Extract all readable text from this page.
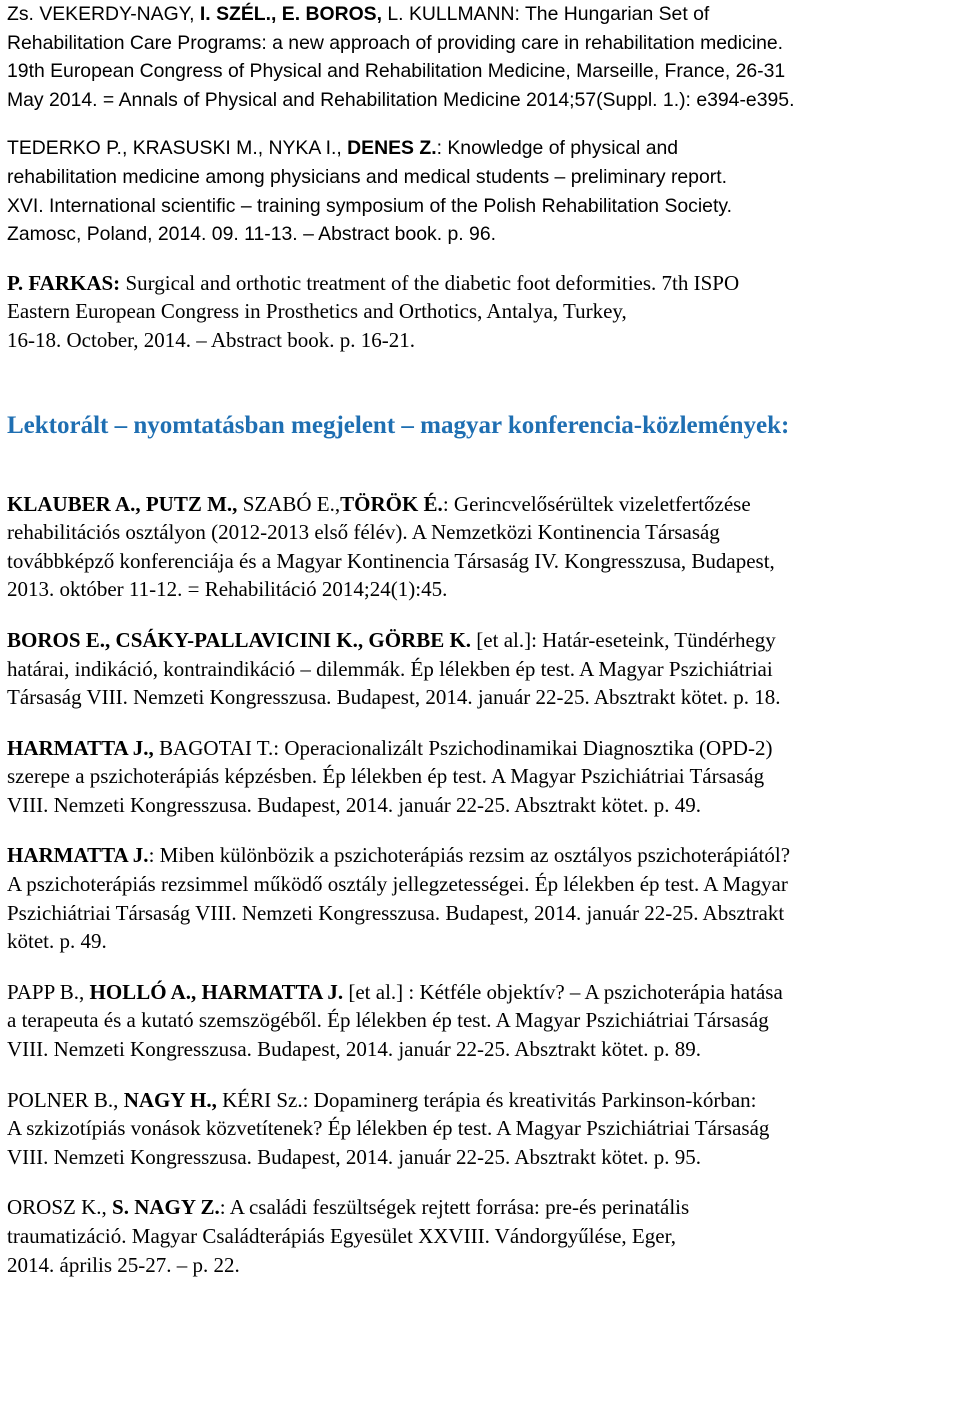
Zs. VEKERDY-NAGY, I. SZÉL., E. BOROS, L. KULLMANN: The Hungarian Set of

Rehabilitation Care Programs: a new approach of providing care in rehabilitation medicine.

19th European Congress of Physical and Rehabilitation Medicine, Marseille, France, 26-31

May 2014. = Annals of Physical and Rehabilitation Medicine 2014;57(Suppl. 1.): e394-e395.

TEDERKO P., KRASUSKI M., NYKA I., DENES Z.: Knowledge of physical and

rehabilitation medicine among physicians and medical students – preliminary report.

XVI. International scientific – training symposium of the Polish Rehabilitation Society.

Zamosc, Poland, 2014. 09. 11-13. – Abstract book. p. 96.

P. FARKAS: Surgical and orthotic treatment of the diabetic foot deformities. 7th ISPO

Eastern European Congress in Prosthetics and Orthotics, Antalya, Turkey,

16-18. October, 2014. – Abstract book. p. 16-21.

Lektorált – nyomtatásban megjelent – magyar konferencia-közlemények:

KLAUBER A., PUTZ M., SZABÓ E.,TÖRÖK É.: Gerincvelősérültek vizeletfertőzése

rehabilitációs osztályon (2012-2013 első félév). A Nemzetközi Kontinencia Társaság

továbbképző konferenciája és a Magyar Kontinencia Társaság IV. Kongresszusa, Budapest,

2013. október 11-12. = Rehabilitáció 2014;24(1):45.

BOROS E., CSÁKY-PALLAVICINI K., GÖRBE K. [et al.]: Határ-eseteink, Tündérhegy

határai, indikáció, kontraindikáció – dilemmák. Ép lélekben ép test. A Magyar Pszichiátriai

Társaság VIII. Nemzeti Kongresszusa. Budapest, 2014. január 22-25. Absztrakt kötet. p. 18.

HARMATTA J., BAGOTAI T.: Operacionalizált Pszichodinamikai Diagnosztika (OPD-2)

szerepe a pszichoterápiás képzésben. Ép lélekben ép test. A Magyar Pszichiátriai Társaság

VIII. Nemzeti Kongresszusa. Budapest, 2014. január 22-25. Absztrakt kötet. p. 49.

HARMATTA J.: Miben különbözik a pszichoterápiás rezsim az osztályos pszichoterápiától?

A pszichoterápiás rezsimmel működő osztály jellegzetességei. Ép lélekben ép test. A Magyar

Pszichiátriai Társaság VIII. Nemzeti Kongresszusa. Budapest, 2014. január 22-25. Absztrakt

kötet. p. 49.

PAPP B., HOLLÓ A., HARMATTA J. [et al.] : Kétféle objektív? – A pszichoterápia hatása

a terapeuta és a kutató szemszögéből. Ép lélekben ép test. A Magyar Pszichiátriai Társaság

VIII. Nemzeti Kongresszusa. Budapest, 2014. január 22-25. Absztrakt kötet. p. 89.

POLNER B., NAGY H., KÉRI Sz.: Dopaminerg terápia és kreativitás Parkinson-kórban:

A szkizotípiás vonások közvetítenek? Ép lélekben ép test. A Magyar Pszichiátriai Társaság

VIII. Nemzeti Kongresszusa. Budapest, 2014. január 22-25. Absztrakt kötet. p. 95.

OROSZ K., S. NAGY Z.: A családi feszültségek rejtett forrása: pre-és perinatális

traumatizáció. Magyar Családterápiás Egyesület XXVIII. Vándorgyűlése, Eger,

2014. április 25-27. – p. 22.
